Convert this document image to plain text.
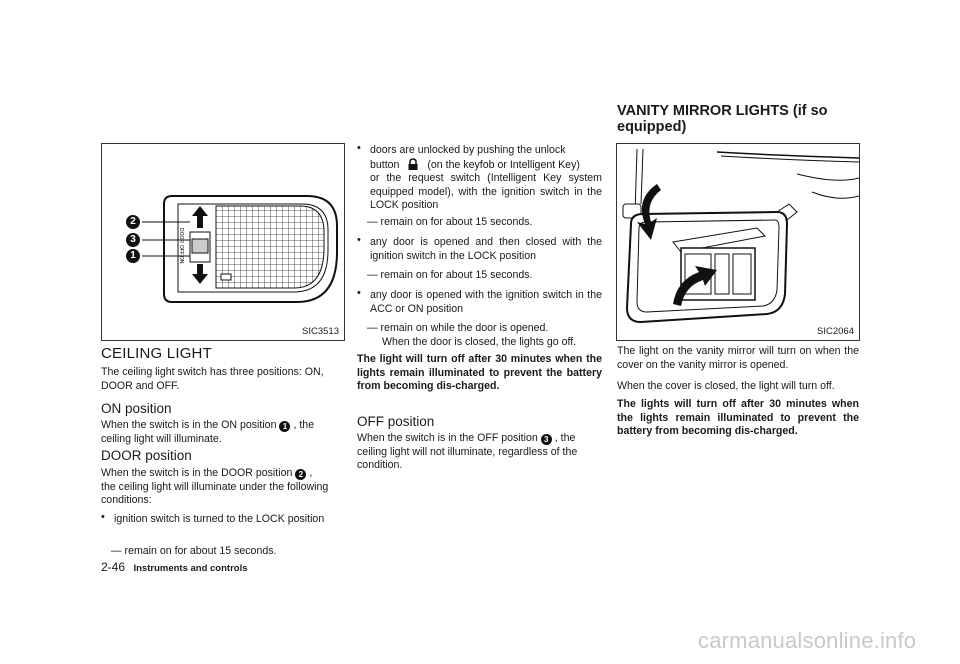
DOOR
OFF
ON
2
3
1
SIC3513
CEILING LIGHT
The ceiling light switch has three positions: ON, DOOR and OFF.
ON position
When the switch is in the ON position 1 , the
ceiling light will illuminate.
DOOR position
When the switch is in the DOOR position 2 ,
the ceiling light will illuminate under the following conditions:
• ignition switch is turned to the LOCK position
— remain on for about 15 seconds.
2-46 Instruments and controls
• doors are unlocked by pushing the unlock
button	(on the keyfob or Intelligent Key)
or the request switch (Intelligent Key system equipped model), with the ignition switch in the LOCK position
— remain on for about 15 seconds.
• any door is opened and then closed with the ignition switch in the LOCK position
— remain on for about 15 seconds.
• any door is opened with the ignition switch in the ACC or ON position
— remain on while the door is opened.
When the door is closed, the lights go off.
The light will turn off after 30 minutes when the lights remain illuminated to prevent the battery from becoming dis-charged.
OFF position
When the switch is in the OFF position 3 , the
ceiling light will not illuminate, regardless of the condition.
VANITY MIRROR LIGHTS (if so
equipped)
SIC2064
The light on the vanity mirror will turn on when the cover on the vanity mirror is opened.
When the cover is closed, the light will turn off.
The lights will turn off after 30 minutes when the lights remain illuminated to prevent the battery from becoming dis-charged.
carmanualsonline.info
